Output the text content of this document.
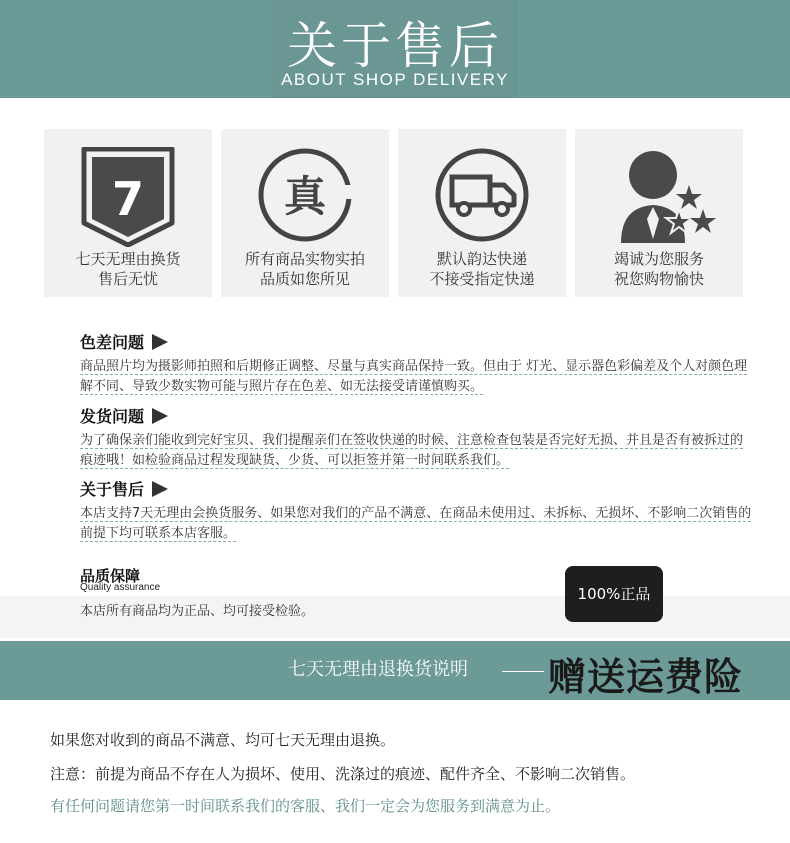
关于售后
ABOUT SHOP DELIVERY
7
七天无理由换货
售后无忧
真
所有商品实物实拍
品质如您所见
默认韵达快递
不接受指定快递
竭诚为您服务
祝您购物愉快
色差问题
商品照片均为摄影师拍照和后期修正调整、尽量与真实商品保持一致。但由于 灯光、显示器色彩偏差及个人对颜色理解不同、导致少数实物可能与照片存在色差、如无法接受请谨慎购买。
发货问题
为了确保亲们能收到完好宝贝、我们提醒亲们在签收快递的时候、注意检查包装是否完好无损、并且是否有被拆过的痕迹哦！如检验商品过程发现缺货、少货、可以拒签并第一时间联系我们。
关于售后
本店支持7天无理由会换货服务、如果您对我们的产品不满意、在商品未使用过、未拆标、无损坏、不影响二次销售的前提下均可联系本店客服。
品质保障
Quality assurance
本店所有商品均为正品、均可接受检验。
100%正品
七天无理由退换货说明 赠送运费险
如果您对收到的商品不满意、均可七天无理由退换。
注意：前提为商品不存在人为损坏、使用、洗涤过的痕迹、配件齐全、不影响二次销售。
有任何问题请您第一时间联系我们的客服、我们一定会为您服务到满意为止。
